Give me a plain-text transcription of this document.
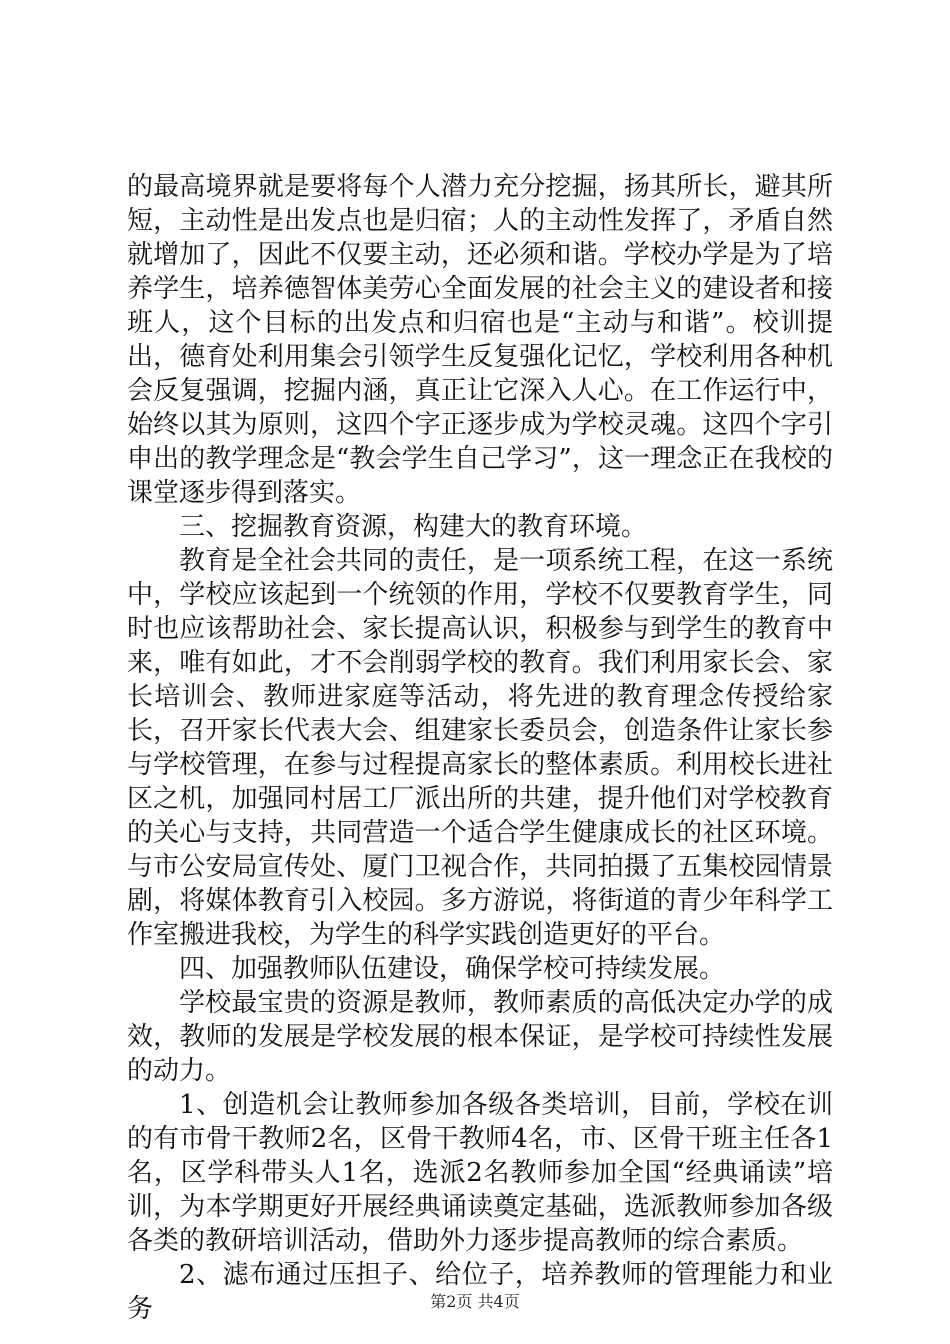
的最高境界就是要将每个人潜力充分挖掘，扬其所长，避其所短，主动性是出发点也是归宿；人的主动性发挥了，矛盾自然就增加了，因此不仅要主动，还必须和谐。学校办学是为了培养学生，培养德智体美劳心全面发展的社会主义的建设者和接班人，这个目标的出发点和归宿也是“主动与和谐”。校训提出，德育处利用集会引领学生反复强化记忆，学校利用各种机会反复强调，挖掘内涵，真正让它深入人心。在工作运行中，始终以其为原则，这四个字正逐步成为学校灵魂。这四个字引申出的教学理念是“教会学生自己学习”，这一理念正在我校的课堂逐步得到落实。

三、挖掘教育资源，构建大的教育环境。

教育是全社会共同的责任，是一项系统工程，在这一系统中，学校应该起到一个统领的作用，学校不仅要教育学生，同时也应该帮助社会、家长提高认识，积极参与到学生的教育中来，唯有如此，才不会削弱学校的教育。我们利用家长会、家长培训会、教师进家庭等活动，将先进的教育理念传授给家长，召开家长代表大会、组建家长委员会，创造条件让家长参与学校管理，在参与过程提高家长的整体素质。利用校长进社区之机，加强同村居工厂派出所的共建，提升他们对学校教育的关心与支持，共同营造一个适合学生健康成长的社区环境。与市公安局宣传处、厦门卫视合作，共同拍摄了五集校园情景剧，将媒体教育引入校园。多方游说，将街道的青少年科学工作室搬进我校，为学生的科学实践创造更好的平台。

四、加强教师队伍建设，确保学校可持续发展。

学校最宝贵的资源是教师，教师素质的高低决定办学的成效，教师的发展是学校发展的根本保证，是学校可持续性发展的动力。

1、创造机会让教师参加各级各类培训，目前，学校在训的有市骨干教师2名，区骨干教师4名，市、区骨干班主任各1名，区学科带头人1名，选派2名教师参加全国“经典诵读”培训，为本学期更好开展经典诵读奠定基础，选派教师参加各级各类的教研培训活动，借助外力逐步提高教师的综合素质。

2、滤布通过压担子、给位子，培养教师的管理能力和业务	第2页 共4页
